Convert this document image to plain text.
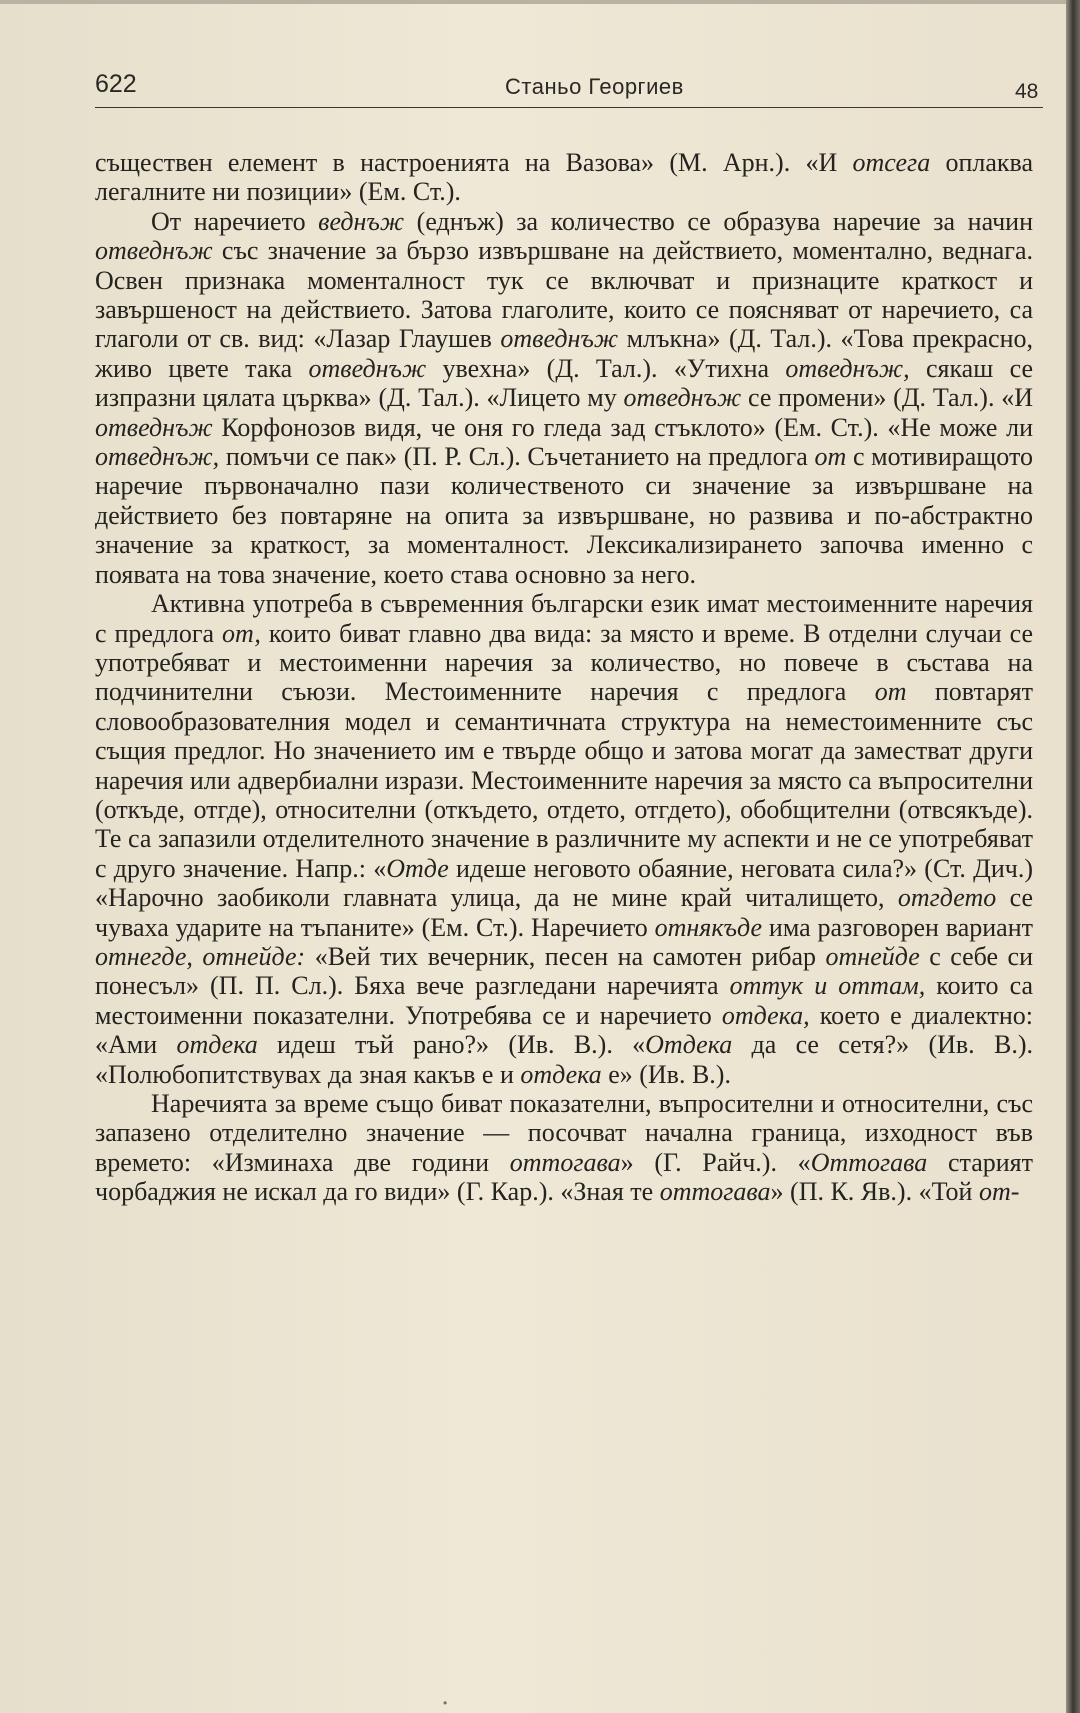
622	Станьо Георгиев	48

съществен елемент в настроенията на Вазова» (М. Арн.). «И отсега оплаква легалните ни позиции» (Ем. Ст.).

От наречието веднъж (еднъж) за количество се образува наречие за начин отведнъж със значение за бързо извършване на действието, моментално, веднага. Освен признака моменталност тук се включват и признаците краткост и завършеност на действието. Затова глаголите, които се поясняват от наречието, са глаголи от св. вид: «Лазар Глаушев отведнъж млъкна» (Д. Тал.). «Това прекрасно, живо цвете така отведнъж увехна» (Д. Тал.). «Утихна отведнъж, сякаш се изпразни цялата църква» (Д. Тал.). «Лицето му отведнъж се промени» (Д. Тал.). «И отведнъж Корфонозов видя, че оня го гледа зад стъклото» (Ем. Ст.). «Не може ли отведнъж, помъчи се пак» (П. Р. Сл.). Съчетанието на предлога от с мотивиращото наречие първоначално пази количественото си значение за извършване на действието без повтаряне на опита за извършване, но развива и по-абстрактно значение за краткост, за моменталност. Лексикализирането започва именно с появата на това значение, което става основно за него.

Активна употреба в съвременния български език имат местоименните наречия с предлога от, които биват главно два вида: за място и време. В отделни случаи се употребяват и местоименни наречия за количество, но повече в състава на подчинителни съюзи. Местоименните наречия с предлога от повтарят словообразователния модел и семантичната структура на неместоименните със същия предлог. Но значението им е твърде общо и затова могат да заместват други наречия или адвербиални изрази. Местоименните наречия за място са въпросителни (откъде, отгде), относителни (откъдето, отдето, отгдето), обобщителни (отвсякъде). Те са запазили отделителното значение в различните му аспекти и не се употребяват с друго значение. Напр.: «Отде идеше неговото обаяние, неговата сила?» (Ст. Дич.) «Нарочно заобиколи главната улица, да не мине край читалището, отгдето се чуваха ударите на тъпаните» (Ем. Ст.). Наречието отнякъде има разговорен вариант отнегде, отнейде: «Вей тих вечерник, песен на самотен рибар отнейде с себе си понесъл» (П. П. Сл.). Бяха вече разгледани наречията оттук и оттам, които са местоименни показателни. Употребява се и наречието отдека, което е диалектно: «Ами отдека идеш тъй рано?» (Ив. В.). «Отдека да се сетя?» (Ив. В.). «Полюбопитствувах да зная какъв е и отдека е» (Ив. В.).

Наречията за време също биват показателни, въпросителни и относителни, със запазено отделително значение — посочват начална граница, изходност във времето: «Изминаха две години оттогава» (Г. Райч.). «Оттогава старият чорбаджия не искал да го види» (Г. Кар.). «Зная те оттогава» (П. К. Яв.). «Той от-

•
